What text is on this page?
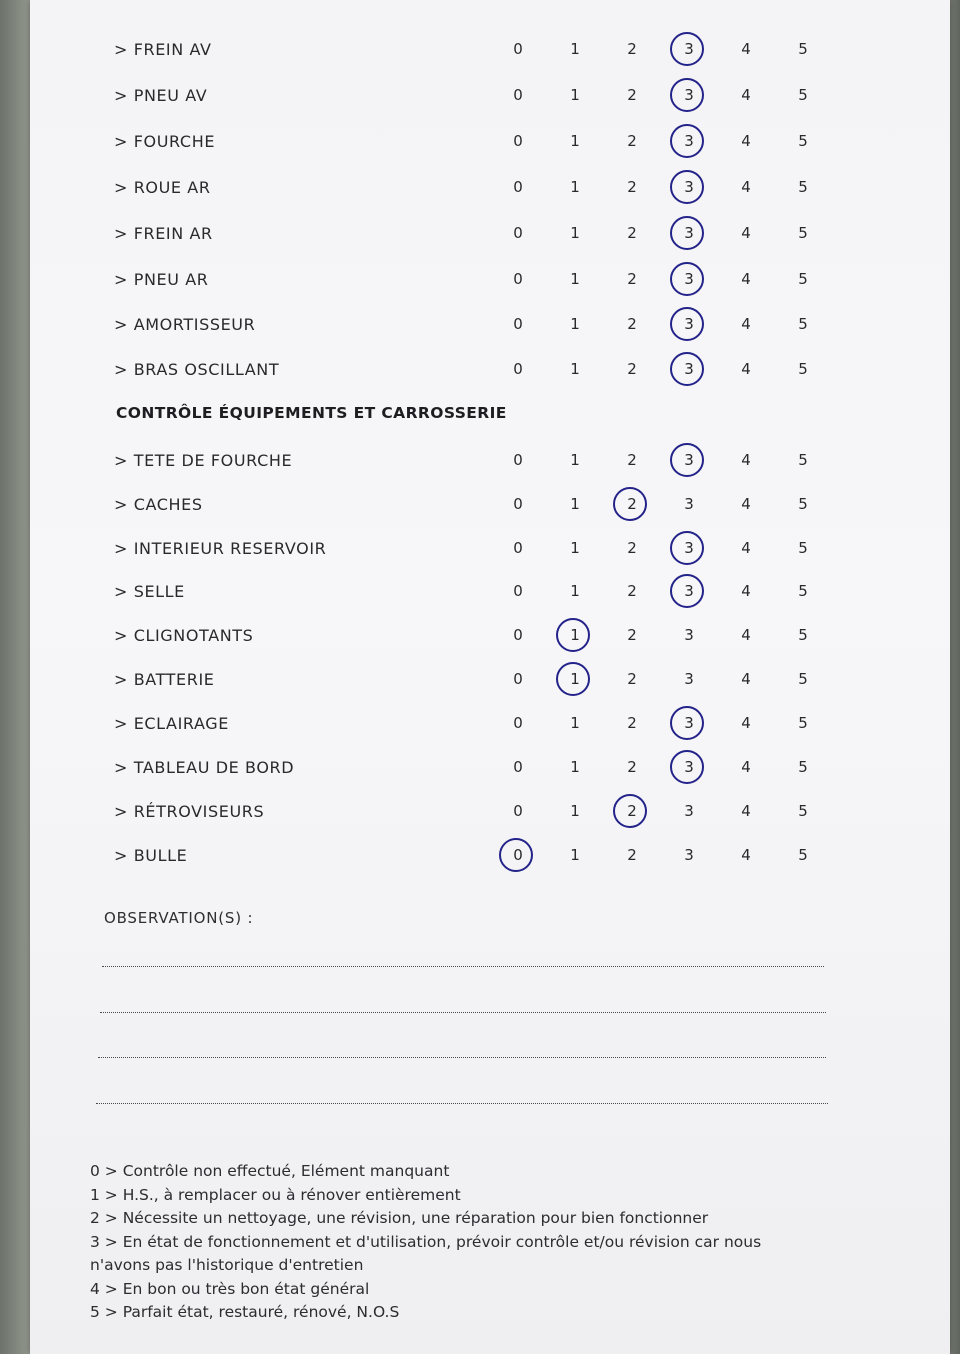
CONTRÔLE ÉQUIPEMENTS ET CARROSSERIE
OBSERVATION(S) :
0 > Contrôle non effectué, Elément manquant
1 > H.S., à remplacer ou à rénover entièrement
2 > Nécessite un nettoyage, une révision, une réparation pour bien fonctionner
3 > En état de fonctionnement et d'utilisation, prévoir contrôle et/ou révision car nous
n'avons pas l'historique d'entretien
4 > En bon ou très bon état général
5 > Parfait état, restauré, rénové, N.O.S
> FREIN AV	0	1	2	3	4	5
> PNEU AV	0	1	2	3	4	5
> FOURCHE	0	1	2	3	4	5
> ROUE AR	0	1	2	3	4	5
> FREIN AR	0	1	2	3	4	5
> PNEU AR	0	1	2	3	4	5
> AMORTISSEUR	0	1	2	3	4	5
> BRAS OSCILLANT	0	1	2	3	4	5
> TETE DE FOURCHE	0	1	2	3	4	5
> CACHES	0	1	2	3	4	5
> INTERIEUR RESERVOIR	0	1	2	3	4	5
> SELLE	0	1	2	3	4	5
> CLIGNOTANTS	0	1	2	3	4	5
> BATTERIE	0	1	2	3	4	5
> ECLAIRAGE	0	1	2	3	4	5
> TABLEAU DE BORD	0	1	2	3	4	5
> RÉTROVISEURS	0	1	2	3	4	5
> BULLE	0	1	2	3	4	5
